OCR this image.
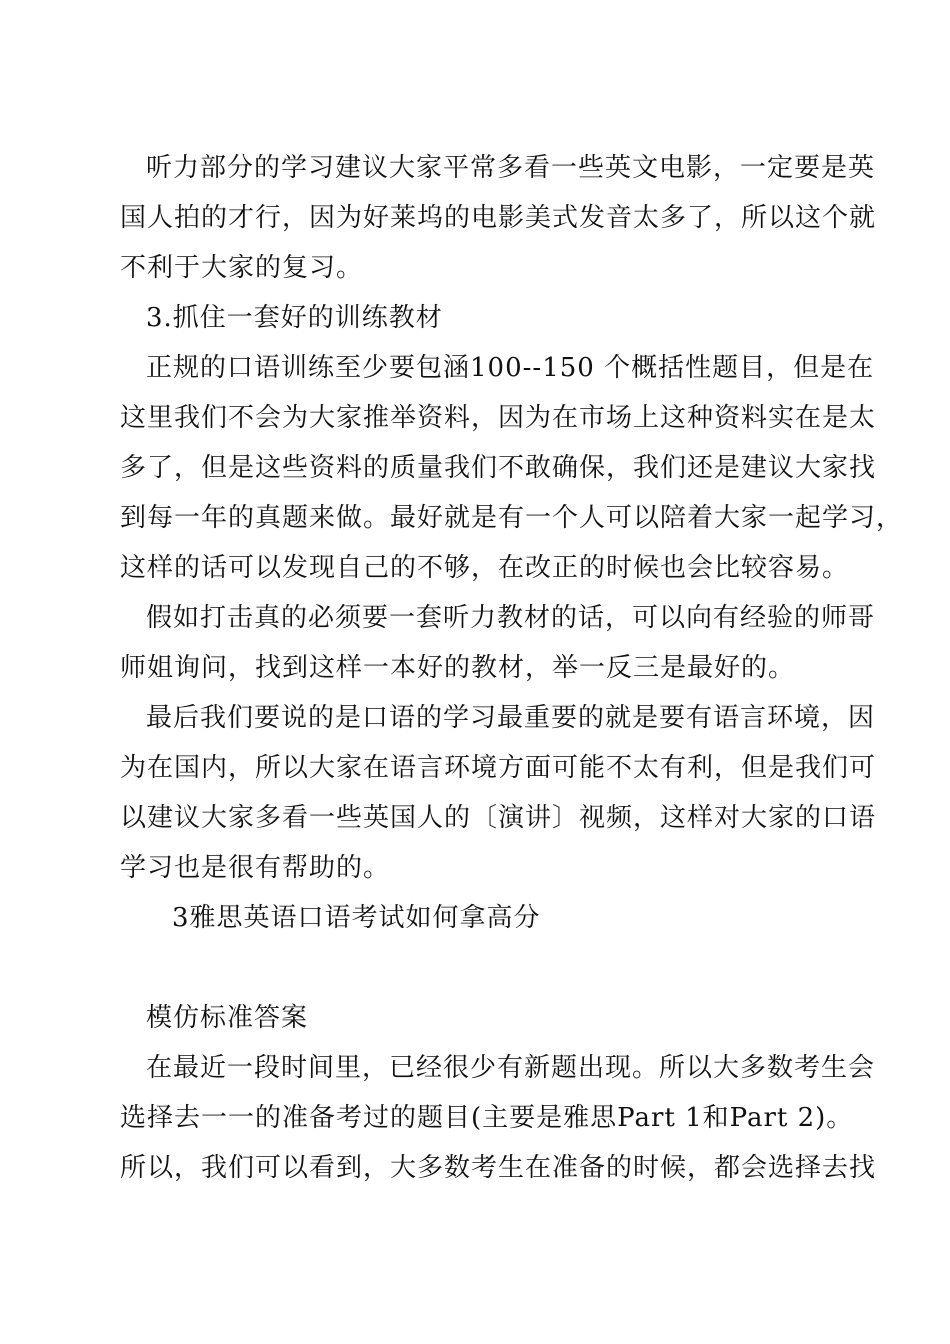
听力部分的学习建议大家平常多看一些英文电影，一定要是英
国人拍的才行，因为好莱坞的电影美式发音太多了，所以这个就
不利于大家的复习。
3.抓住一套好的训练教材
正规的口语训练至少要包涵100--150 个概括性题目，但是在
这里我们不会为大家推举资料，因为在市场上这种资料实在是太
多了，但是这些资料的质量我们不敢确保，我们还是建议大家找
到每一年的真题来做。最好就是有一个人可以陪着大家一起学习，
这样的话可以发现自己的不够，在改正的时候也会比较容易。
假如打击真的必须要一套听力教材的话，可以向有经验的师哥
师姐询问，找到这样一本好的教材，举一反三是最好的。
最后我们要说的是口语的学习最重要的就是要有语言环境，因
为在国内，所以大家在语言环境方面可能不太有利，但是我们可
以建议大家多看一些英国人的〔演讲〕视频，这样对大家的口语
学习也是很有帮助的。
3雅思英语口语考试如何拿高分
模仿标准答案
在最近一段时间里，已经很少有新题出现。所以大多数考生会
选择去一一的准备考过的题目(主要是雅思Part 1和Part 2)。
所以，我们可以看到，大多数考生在准备的时候，都会选择去找
